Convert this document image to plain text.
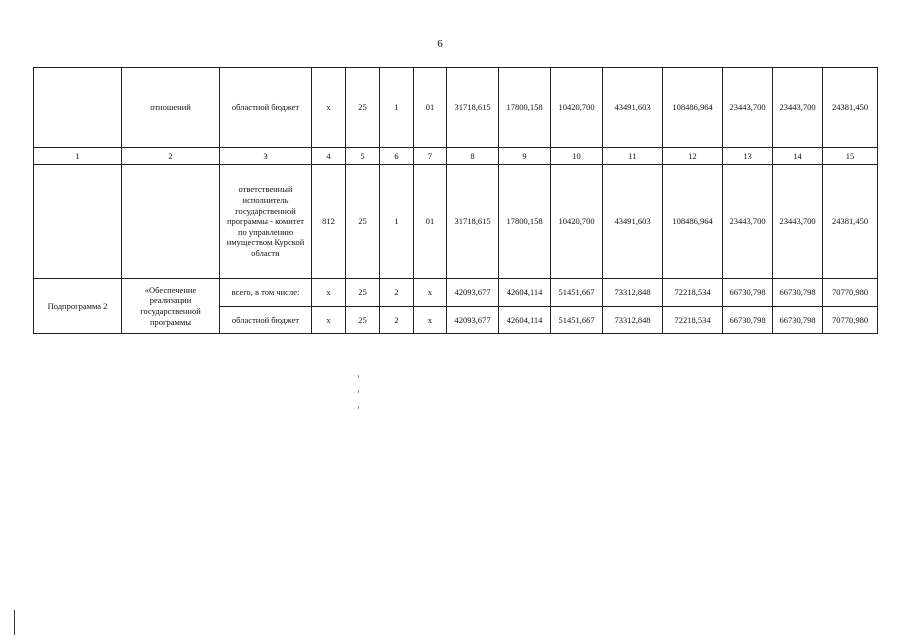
6
	отношений	областной бюджет	х	25	1	01	31718,615	17800,158	10420,700	43491,603	108486,964	23443,700	23443,700	24381,450
1	2	3	4	5	6	7	8	9	10	11	12	13	14	15
		ответственный исполнитель государственной программы - комитет по управлению имуществом Курской области	812	25	1	01	31718,615	17800,158	10420,700	43491,603	108486,964	23443,700	23443,700	24381,450
Подпрограмма 2	«Обеспечение реализации государственной программы	всего, в том числе:	х	25	2	х	42093,677	42604,114	51451,667	73312,848	72218,534	66730,798	66730,798	70770,980
		областной бюджет	х	25	2	х	42093,677	42604,114	51451,667	73312,848	72218,534	66730,798	66730,798	70770,980
